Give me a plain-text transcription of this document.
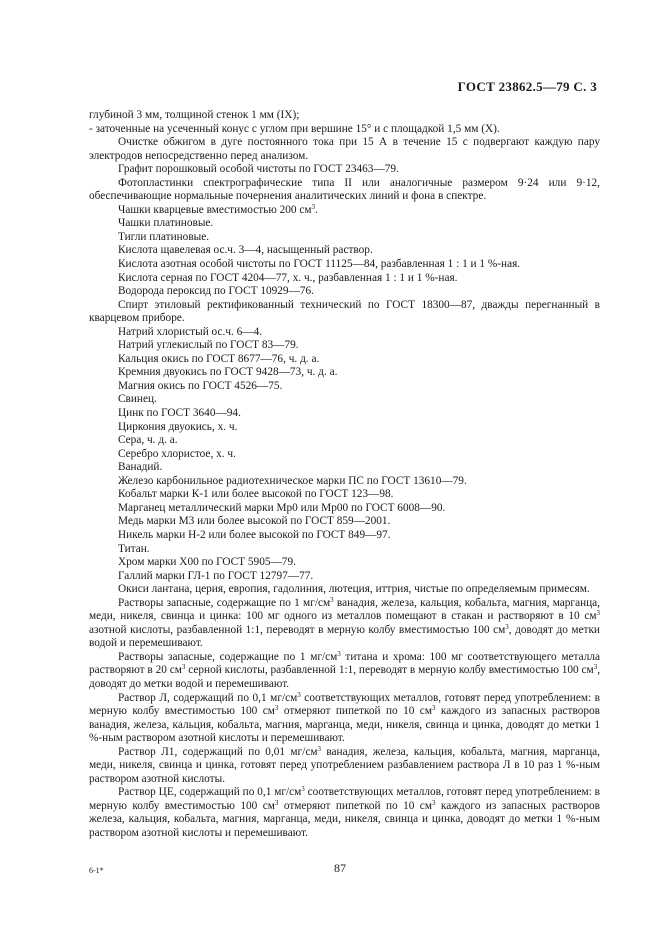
ГОСТ 23862.5—79 С. 3

глубиной 3 мм, толщиной стенок 1 мм (IX);

- заточенные на усеченный конус с углом при вершине 15° и с площадкой 1,5 мм (X).

Очистке обжигом в дуге постоянного тока при 15 А в течение 15 с подвергают каждую пару электродов непосредственно перед анализом.

Графит порошковый особой чистоты по ГОСТ 23463—79.

Фотопластинки спектрографические типа II или аналогичные размером 9·24 или 9·12, обеспечивающие нормальные почернения аналитических линий и фона в спектре.

Чашки кварцевые вместимостью 200 $см^3$.

Чашки платиновые.

Тигли платиновые.

Кислота щавелевая ос.ч. 3—4, насыщенный раствор.

Кислота азотная особой чистоты по ГОСТ 11125—84, разбавленная 1 : 1 и 1 %-ная.

Кислота серная по ГОСТ 4204—77, х. ч., разбавленная 1 : 1 и 1 %-ная.

Водорода пероксид по ГОСТ 10929—76.

Спирт этиловый ректификованный технический по ГОСТ 18300—87, дважды перегнанный в кварцевом приборе.

Натрий хлористый ос.ч. 6—4.

Натрий углекислый по ГОСТ 83—79.

Кальция окись по ГОСТ 8677—76, ч. д. а.

Кремния двуокись по ГОСТ 9428—73, ч. д. а.

Магния окись по ГОСТ 4526—75.

Свинец.

Цинк по ГОСТ 3640—94.

Циркония двуокись, х. ч.

Сера, ч. д. а.

Серебро хлористое, х. ч.

Ванадий.

Железо карбонильное радиотехническое марки ПС по ГОСТ 13610—79.

Кобальт марки К-1 или более высокой по ГОСТ 123—98.

Марганец металлический марки Мр0 или Мр00 по ГОСТ 6008—90.

Медь марки М3 или более высокой по ГОСТ 859—2001.

Никель марки Н-2 или более высокой по ГОСТ 849—97.

Титан.

Хром марки Х00 по ГОСТ 5905—79.

Галлий марки ГЛ-1 по ГОСТ 12797—77.

Окиси лантана, церия, европия, гадолиния, лютеция, иттрия, чистые по определяемым примесям.

Растворы запасные, содержащие по 1 $мг/см^3$ ванадия, железа, кальция, кобальта, магния, марганца, меди, никеля, свинца и цинка: 100 мг одного из металлов помещают в стакан и растворяют в 10 $см^3$ азотной кислоты, разбавленной 1:1, переводят в мерную колбу вместимостью 100 $см^3$, доводят до метки водой и перемешивают.

Растворы запасные, содержащие по 1 $мг/см^3$ титана и хрома: 100 мг соответствующего металла растворяют в 20 $см^3$ серной кислоты, разбавленной 1:1, переводят в мерную колбу вместимостью 100 $см^3$, доводят до метки водой и перемешивают.

Раствор Л, содержащий по 0,1 $мг/см^3$ соответствующих металлов, готовят перед употреблением: в мерную колбу вместимостью 100 $см^3$ отмеряют пипеткой по 10 $см^3$ каждого из запасных растворов ванадия, железа, кальция, кобальта, магния, марганца, меди, никеля, свинца и цинка, доводят до метки 1 %-ным раствором азотной кислоты и перемешивают.

Раствор Л1, содержащий по 0,01 $мг/см^3$ ванадия, железа, кальция, кобальта, магния, марганца, меди, никеля, свинца и цинка, готовят перед употреблением разбавлением раствора Л в 10 раз 1 %-ным раствором азотной кислоты.

Раствор ЦЕ, содержащий по 0,1 $мг/см^3$ соответствующих металлов, готовят перед употреблением: в мерную колбу вместимостью 100 $см^3$ отмеряют пипеткой по 10 $см^3$ каждого из запасных растворов железа, кальция, кобальта, магния, марганца, меди, никеля, свинца и цинка, доводят до метки 1 %-ным раствором азотной кислоты и перемешивают.

6-1*	87
